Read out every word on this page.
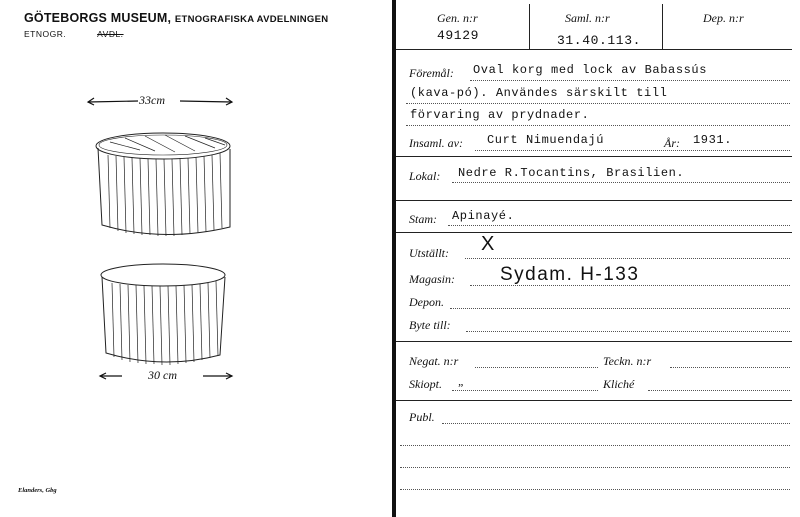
GÖTEBORGS MUSEUM, ETNOGRAFISKA AVDELNINGEN
ETNOGR.	AVDL.
33cm
30 cm
Elanders, Gbg
Gen. n:r
49129
Saml. n:r
31.40.113.
Dep. n:r
Föremål: Oval korg med lock av Babassús
(kava-pó). Användes särskilt till
förvaring av prydnader.
Insaml. av: Curt Nimuendajú	År: 1931.
Lokal: Nedre R.Tocantins, Brasilien.
Stam: Apinayé.
Utställt: X
Magasin: Sydam. H-133
Depon.
Byte till:
Negat. n:r	Teckn. n:r
Skiopt. „	Kliché
Publ.
